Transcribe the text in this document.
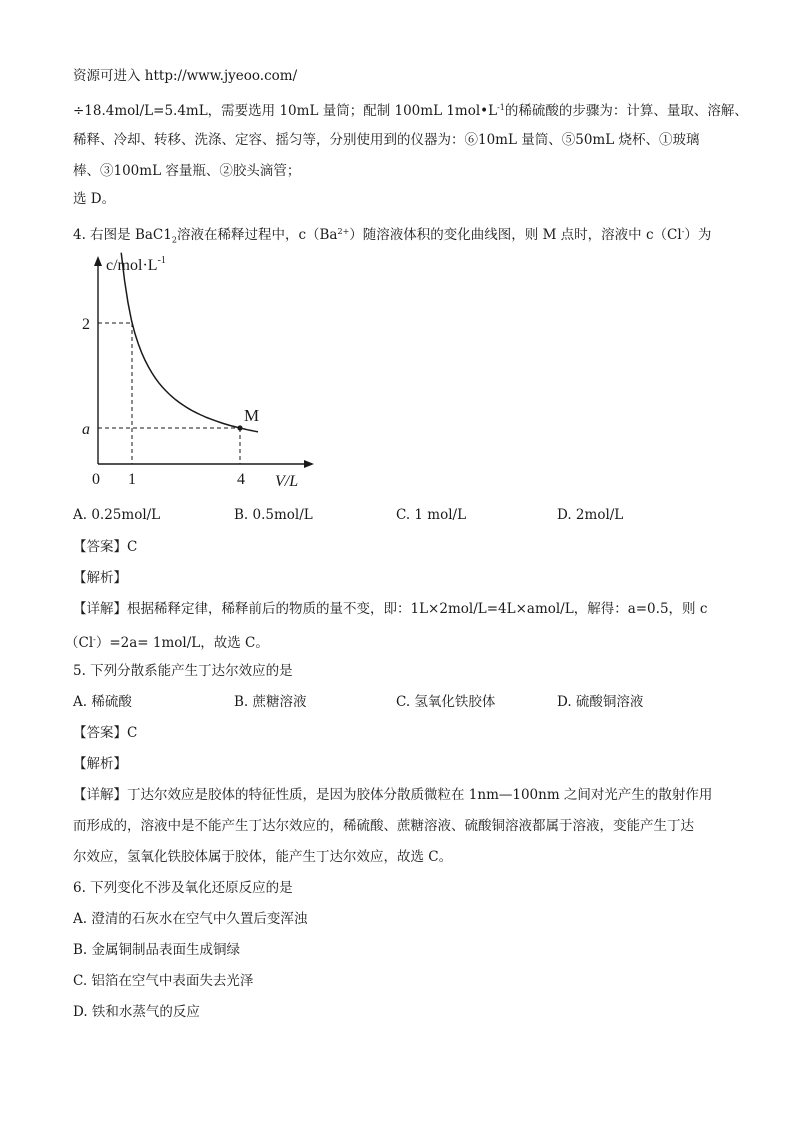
资源可进入 http://www.jyeoo.com/
÷18.4mol/L=5.4mL，需要选用 10mL 量筒；配制 100mL $1mol•L^{-1}$的稀硫酸的步骤为：计算、量取、溶解、
稀释、冷却、转移、洗涤、定容、摇匀等，分别使用到的仪器为：⑥10mL 量筒、⑤50mL 烧杯、①玻璃
棒、③100mL 容量瓶、②胶头滴管；
选 D。
4. 右图是 $BaC1_2$溶液在稀释过程中，$c(Ba^{2+})$随溶液体积的变化曲线图，则 M 点时，溶液中 c（Cl-）为
$c/mol\cdot L^{-1}$
V/L
0 1	4
2
a
M
A. 0.25mol/L	B. 0.5mol/L	C. 1 mol/L	D. 2mol/L
【答案】C
【解析】
【详解】根据稀释定律，稀释前后的物质的量不变，即：1L×2mol/L=4L×amol/L，解得：a=0.5，则 c
（Cl-）=2a= 1mol/L，故选 C。
5. 下列分散系能产生丁达尔效应的是
A. 稀硫酸	B. 蔗糖溶液	C. 氢氧化铁胶体	D. 硫酸铜溶液
【答案】C
【解析】
【详解】丁达尔效应是胶体的特征性质，是因为胶体分散质微粒在 1nm—100nm 之间对光产生的散射作用
而形成的，溶液中是不能产生丁达尔效应的，稀硫酸、蔗糖溶液、硫酸铜溶液都属于溶液，变能产生丁达
尔效应，氢氧化铁胶体属于胶体，能产生丁达尔效应，故选 C。
6. 下列变化不涉及氧化还原反应的是
A. 澄清的石灰水在空气中久置后变浑浊
B. 金属铜制品表面生成铜绿
C. 铝箔在空气中表面失去光泽
D. 铁和水蒸气的反应
